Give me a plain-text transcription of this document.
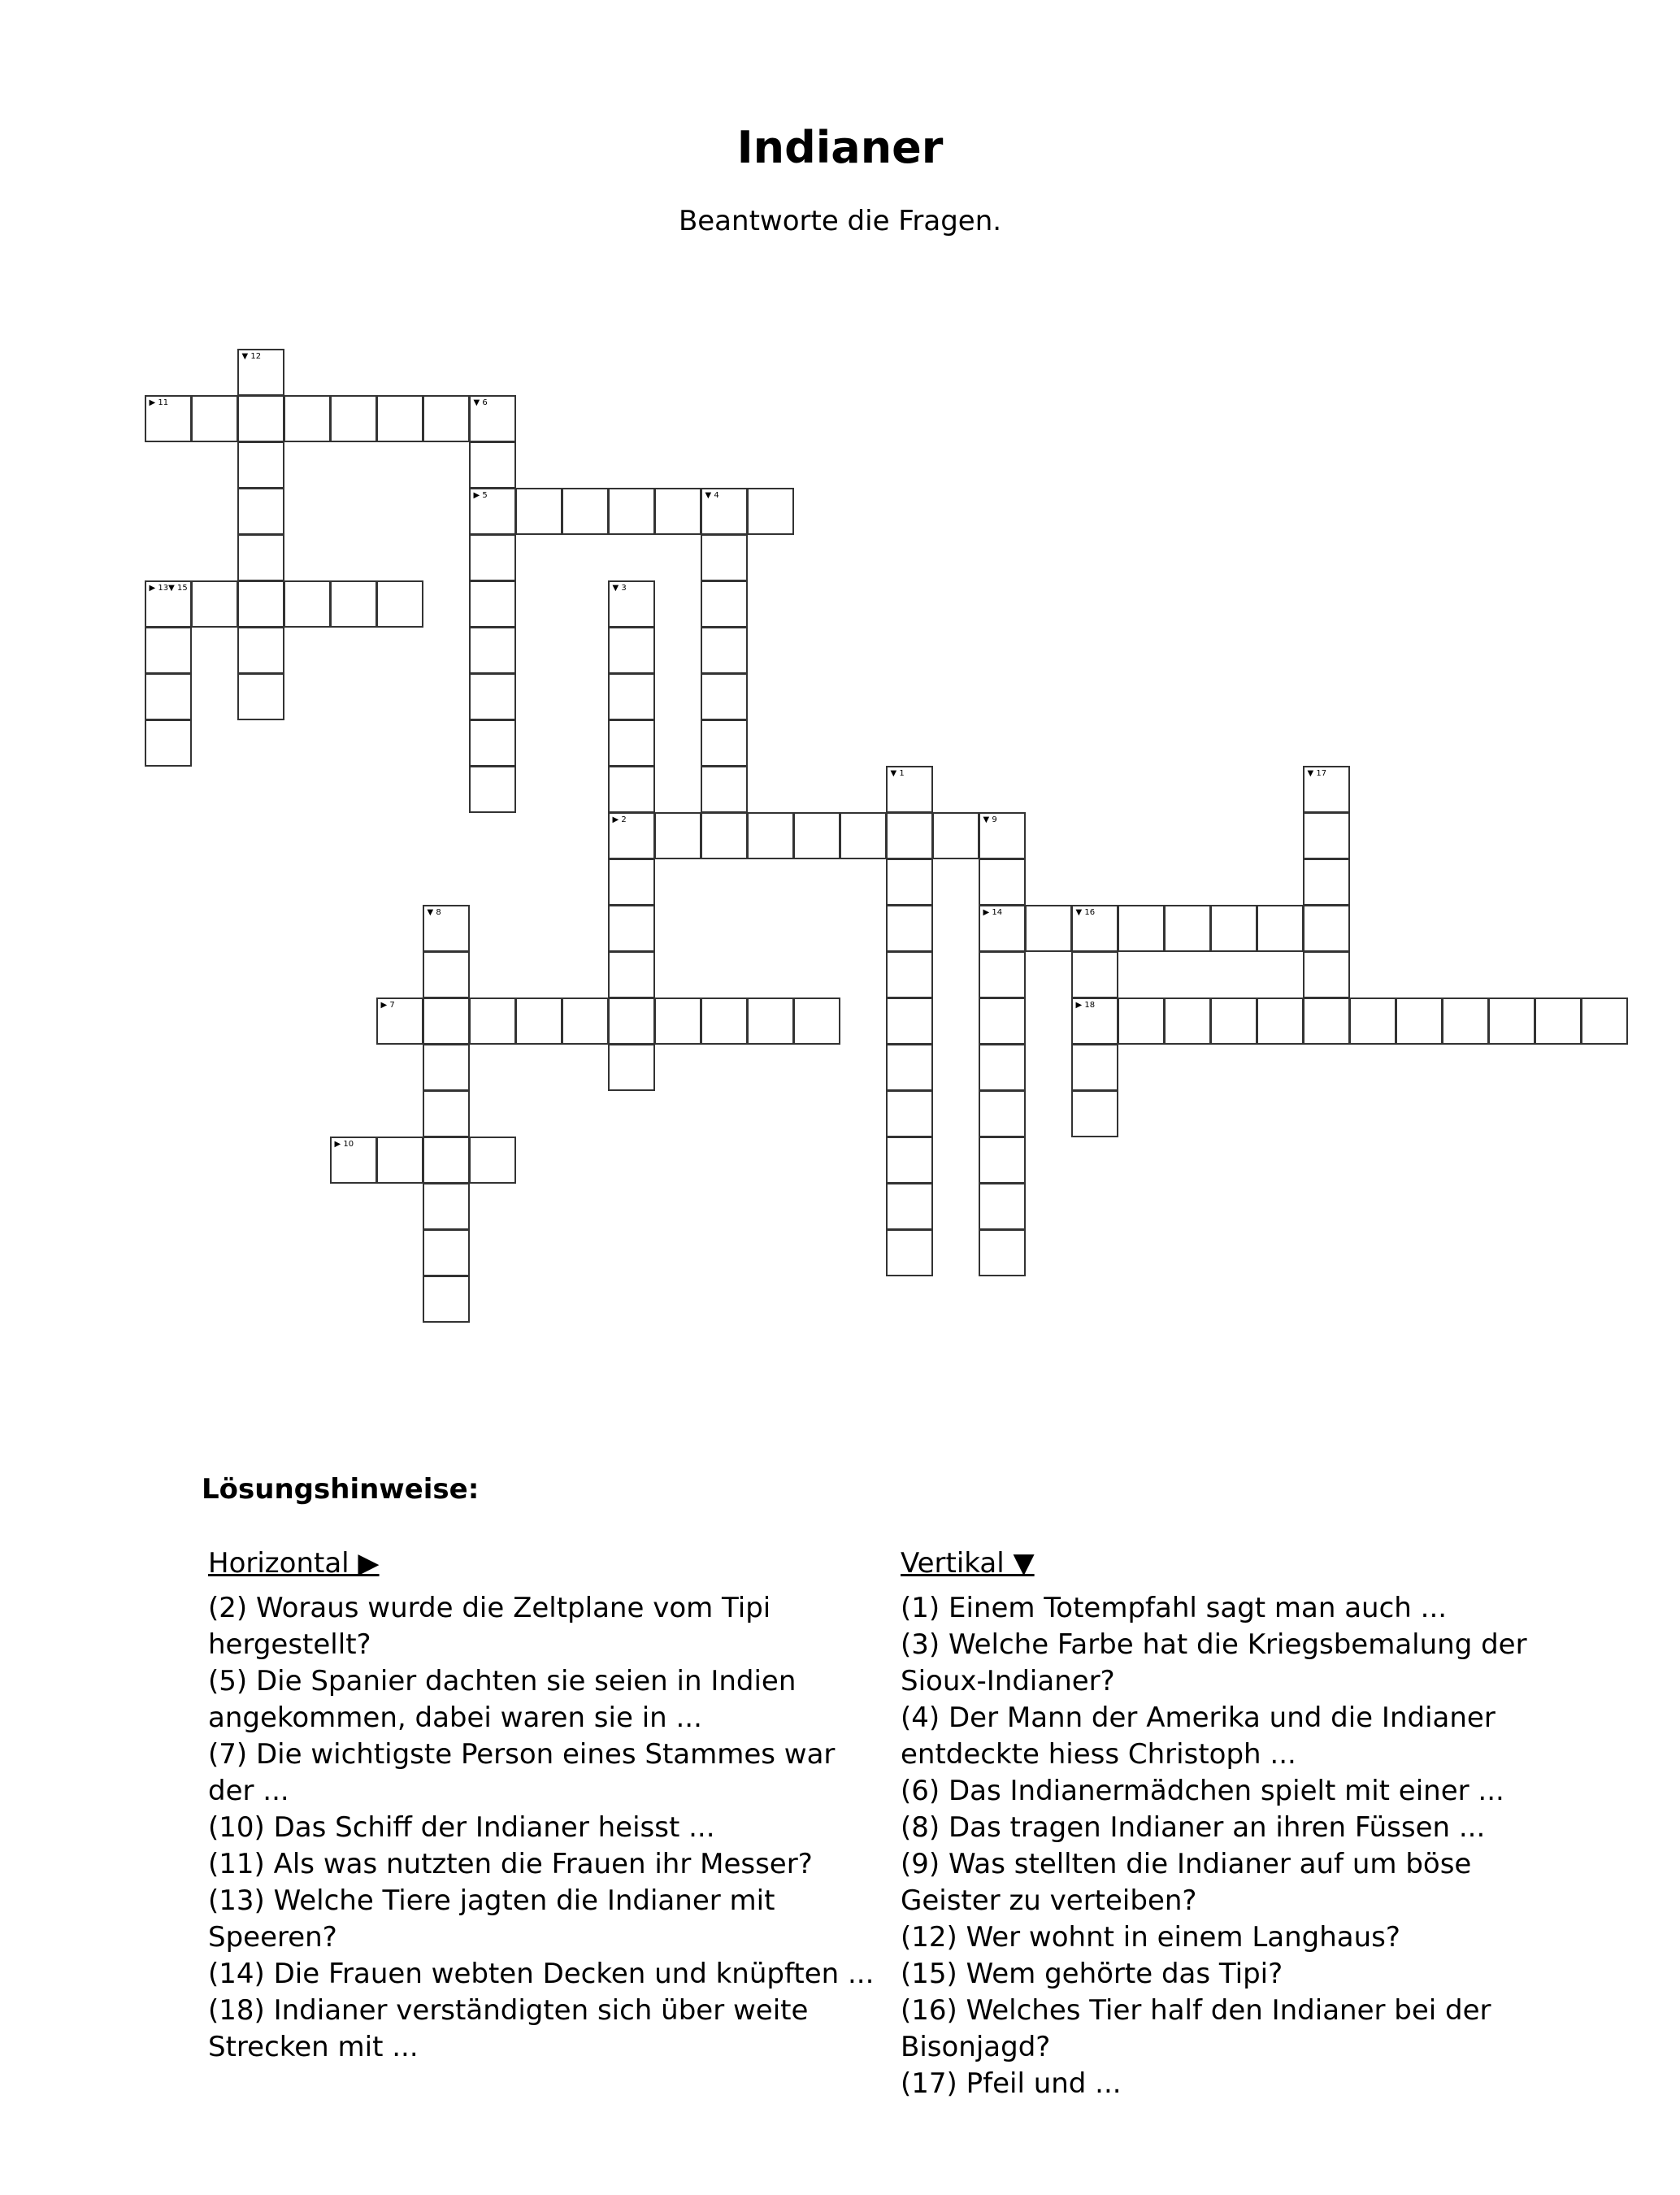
Indianer

Beantworte die Fragen.

▼ 1
▶ 2	▼ 9
▼ 3
▼ 4
▶ 5
▼ 6
▶ 7
▼ 8	▶ 14
▶ 10
▶ 11
▼ 12
▶ 13▼ 15
▼ 16
▶ 18
▼ 17
Lösungshinweise:

Horizontal ▶

(2) Woraus wurde die Zeltplane vom Tipi hergestellt?

(5) Die Spanier dachten sie seien in Indien angekommen, dabei waren sie in ...

(7) Die wichtigste Person eines Stammes war der ...

(10) Das Schiff der Indianer heisst ...

(11) Als was nutzten die Frauen ihr Messer?

(13) Welche Tiere jagten die Indianer mit Speeren?

(14) Die Frauen webten Decken und knüpften ...

(18) Indianer verständigten sich über weite Strecken mit ...

Vertikal ▼

(1) Einem Totempfahl sagt man auch ...

(3) Welche Farbe hat die Kriegsbemalung der Sioux-Indianer?

(4) Der Mann der Amerika und die Indianer entdeckte hiess Christoph ...

(6) Das Indianermädchen spielt mit einer ...

(8) Das tragen Indianer an ihren Füssen ...

(9) Was stellten die Indianer auf um böse Geister zu verteiben?

(12) Wer wohnt in einem Langhaus?

(15) Wem gehörte das Tipi?

(16) Welches Tier half den Indianer bei der Bisonjagd?

(17) Pfeil und ...
